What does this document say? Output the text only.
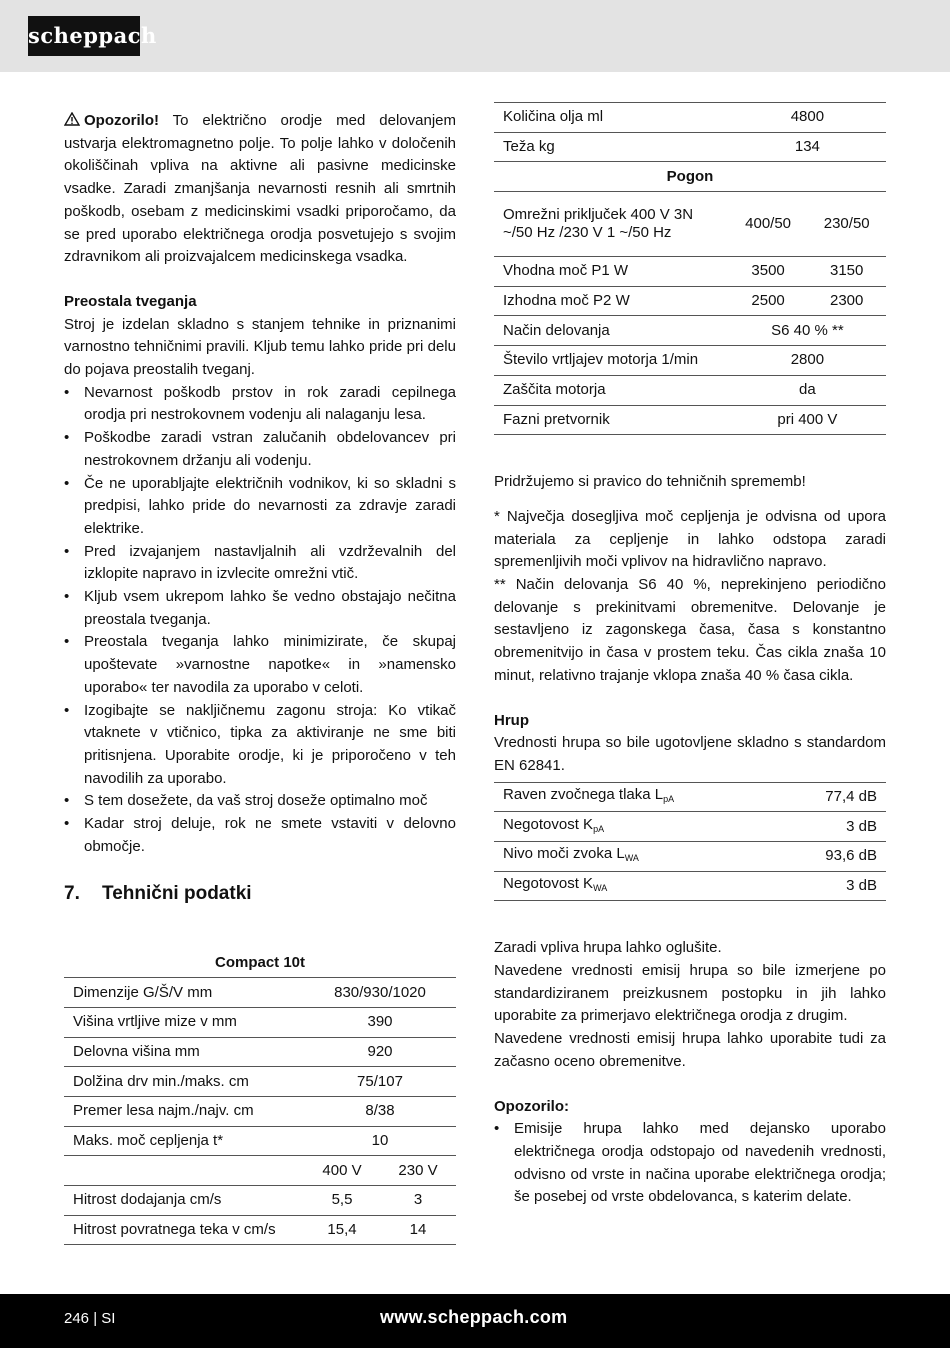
scheppach

Opozorilo! To električno orodje med delovanjem ustvarja elektromagnetno polje. To polje lahko v določenih okoliščinah vpliva na aktivne ali pasivne medicinske vsadke. Zaradi zmanjšanja nevarnosti resnih ali smrtnih poškodb, osebam z medicinskimi vsadki priporočamo, da se pred uporabo električnega orodja posvetujejo s svojim zdravnikom ali proizvajalcem medicinskega vsadka.

Preostala tveganja

Stroj je izdelan skladno s stanjem tehnike in priznanimi varnostno tehničnimi pravili. Kljub temu lahko pride pri delu do pojava preostalih tveganj.

• Nevarnost poškodb prstov in rok zaradi cepilnega orodja pri nestrokovnem vodenju ali nalaganju lesa.
• Poškodbe zaradi vstran zalučanih obdelovancev pri nestrokovnem držanju ali vodenju.
• Če ne uporabljajte električnih vodnikov, ki so skladni s predpisi, lahko pride do nevarnosti za zdravje zaradi elektrike.
• Pred izvajanjem nastavljalnih ali vzdrževalnih del izklopite napravo in izvlecite omrežni vtič.
• Kljub vsem ukrepom lahko še vedno obstajajo nečitna preostala tveganja.
• Preostala tveganja lahko minimizirate, če skupaj upoštevate »varnostne napotke« in »namensko uporabo« ter navodila za uporabo v celoti.
• Izogibajte se nakljičnemu zagonu stroja: Ko vtikač vtaknete v vtičnico, tipka za aktiviranje ne sme biti pritisnjena. Uporabite orodje, ki je priporočeno v teh navodilih za uporabo.
• S tem dosežete, da vaš stroj doseže optimalno moč
• Kadar stroj deluje, rok ne smete vstaviti v delovno območje.
7. Tehnični podatki
Compact 10t		
Dimenzije G/Š/V mm	830/930/1020	
Višina vrtljive mize v mm	390	
Delovna višina mm	920	
Dolžina drv min./maks. cm	75/107	
Premer lesa najm./najv. cm	8/38	
Maks. moč cepljenja t*	10	
	400 V	230 V
Hitrost dodajanja cm/s	5,5	3
Hitrost povratnega teka v cm/s	15,4	14
Količina olja ml	4800	
Teža kg	134	
Pogon		
Omrežni priključek 400 V 3N ~/50 Hz /230 V 1 ~/50 Hz	400/50	230/50
Vhodna moč P1 W	3500	3150
Izhodna moč P2 W	2500	2300
Način delovanja	S6 40 % **	
Število vrtljajev motorja 1/min	2800	
Zaščita motorja	da	
Fazni pretvornik	pri 400 V	

Pridržujemo si pravico do tehničnih sprememb!

* Največja dosegljiva moč cepljenja je odvisna od upora materiala za cepljenje in lahko odstopa zaradi spremenljivih moči vplivov na hidravlično napravo.

** Način delovanja S6 40 %, neprekinjeno periodično delovanje s prekinitvami obremenitve. Delovanje je sestavljeno iz zagonskega časa, časa s konstantno obremenitvijo in časa v prostem teku. Čas cikla znaša 10 minut, relativno trajanje vklopa znaša 40 % časa cikla.

Hrup

Vrednosti hrupa so bile ugotovljene skladno s standardom EN 62841.

Raven zvočnega tlaka $L_{pA}$	77,4 dB
Negotovost $K_{pA}$	3 dB
Nivo moči zvoka $L_{WA}$	93,6 dB
Negotovost $K_{WA}$	3 dB

Zaradi vpliva hrupa lahko oglušite.

Navedene vrednosti emisij hrupa so bile izmerjene po standardiziranem preizkusnem postopku in jih lahko uporabite za primerjavo električnega orodja z drugim.

Navedene vrednosti emisij hrupa lahko uporabite tudi za začasno oceno obremenitve.

Opozorilo:

• Emisije hrupa lahko med dejansko uporabo električnega orodja odstopajo od navedenih vrednosti, odvisno od vrste in načina uporabe električnega orodja; še posebej od vrste obdelovanca, s katerim delate.
246 | SI	www.scheppach.com
